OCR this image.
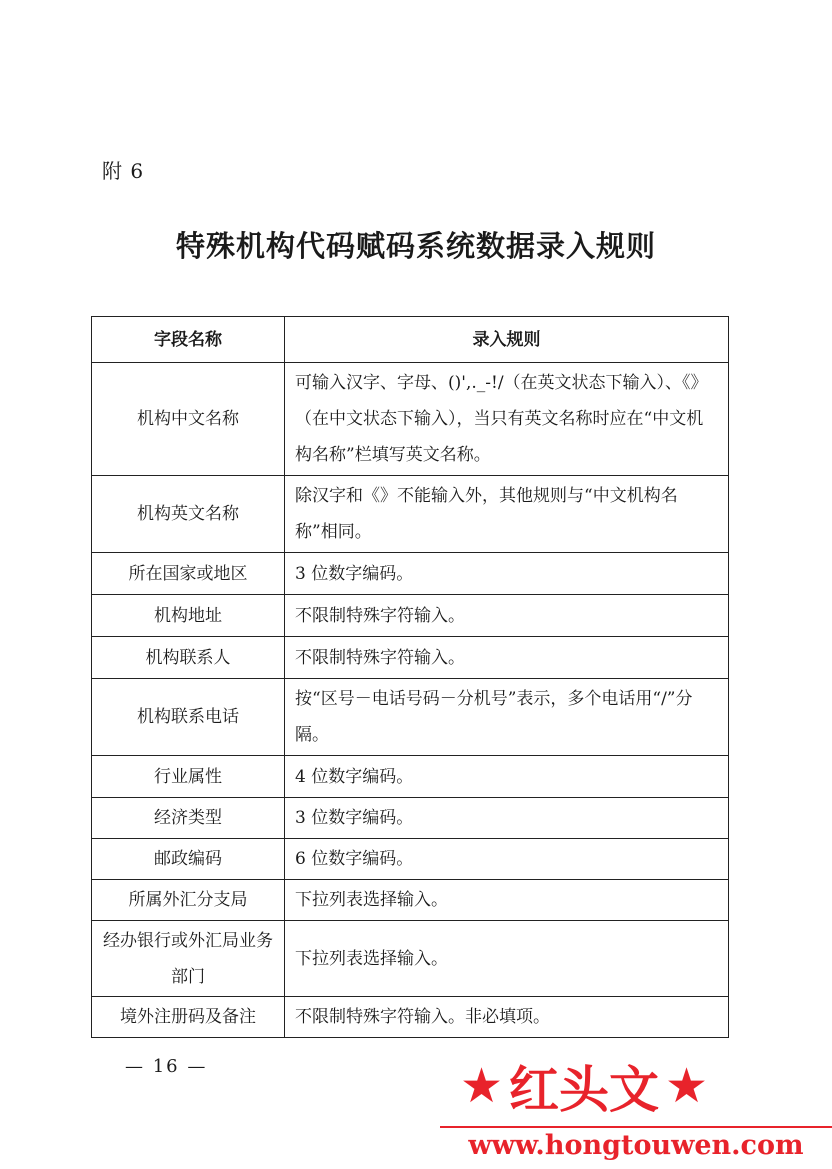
附 6
特殊机构代码赋码系统数据录入规则
字段名称	录入规则
机构中文名称	可输入汉字、字母、()',._-!/（在英文状态下输入）、《》（在中文状态下输入），当只有英文名称时应在“中文机构名称”栏填写英文名称。
机构英文名称	除汉字和《》不能输入外，其他规则与“中文机构名称”相同。
所在国家或地区	3 位数字编码。
机构地址	不限制特殊字符输入。
机构联系人	不限制特殊字符输入。
机构联系电话	按“区号－电话号码－分机号”表示，多个电话用“/”分隔。
行业属性	4 位数字编码。
经济类型	3 位数字编码。
邮政编码	6 位数字编码。
所属外汇分支局	下拉列表选择输入。
经办银行或外汇局业务部门	下拉列表选择输入。
境外注册码及备注	不限制特殊字符输入。非必填项。
— 16 —	★ 红头文 ★
www.hongtouwen.com
